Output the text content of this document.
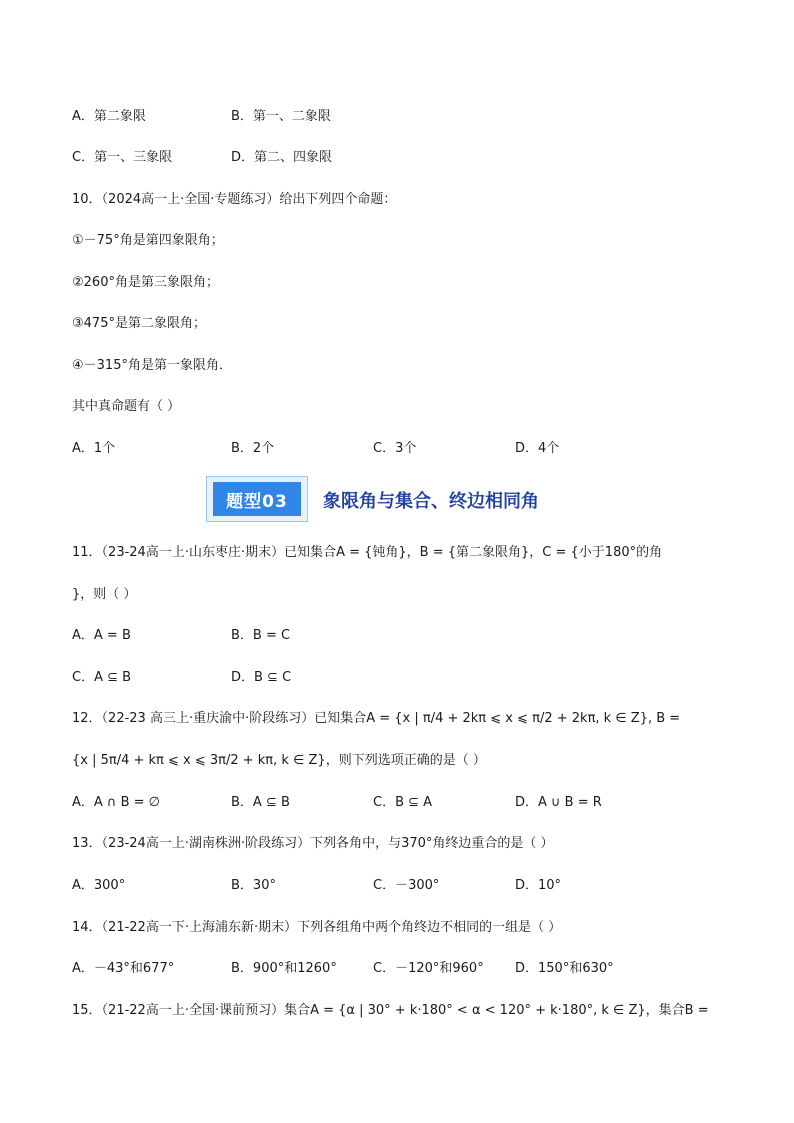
A．第二象限	B．第一、二象限
C．第一、三象限	D．第二、四象限
10．（2024高一上·全国·专题练习）给出下列四个命题：
①－75°角是第四象限角；
②260°角是第三象限角；
③475°是第二象限角；
④－315°角是第一象限角．
其中真命题有（ ）
A．1个	B．2个	C．3个	D．4个
题型03	象限角与集合、终边相同角
11．（23-24高一上·山东枣庄·期末）已知集合A = {钝角}，B = {第二象限角}，C = {小于180°的角
}，则（ ）
A．A = B	B．B = C
C．A ⊆ B	D．B ⊆ C
12．（22-23 高三上·重庆渝中·阶段练习）已知集合A = {x | π/4 + 2kπ ⩽ x ⩽ π/2 + 2kπ, k ∈ Z}, B =
{x | 5π/4 + kπ ⩽ x ⩽ 3π/2 + kπ, k ∈ Z}，则下列选项正确的是（ ）
A．A ∩ B = ∅	B．A ⊆ B	C．B ⊆ A	D．A ∪ B = R
13．（23-24高一上·湖南株洲·阶段练习）下列各角中，与370°角终边重合的是（ ）
A．300°	B．30°	C．－300°	D．10°
14．（21-22高一下·上海浦东新·期末）下列各组角中两个角终边不相同的一组是（ ）
A．－43°和677°	B．900°和1260°	C．－120°和960° D．150°和630°
15．（21-22高一上·全国·课前预习）集合A = {α | 30° + k·180° < α < 120° + k·180°, k ∈ Z}，集合B =
